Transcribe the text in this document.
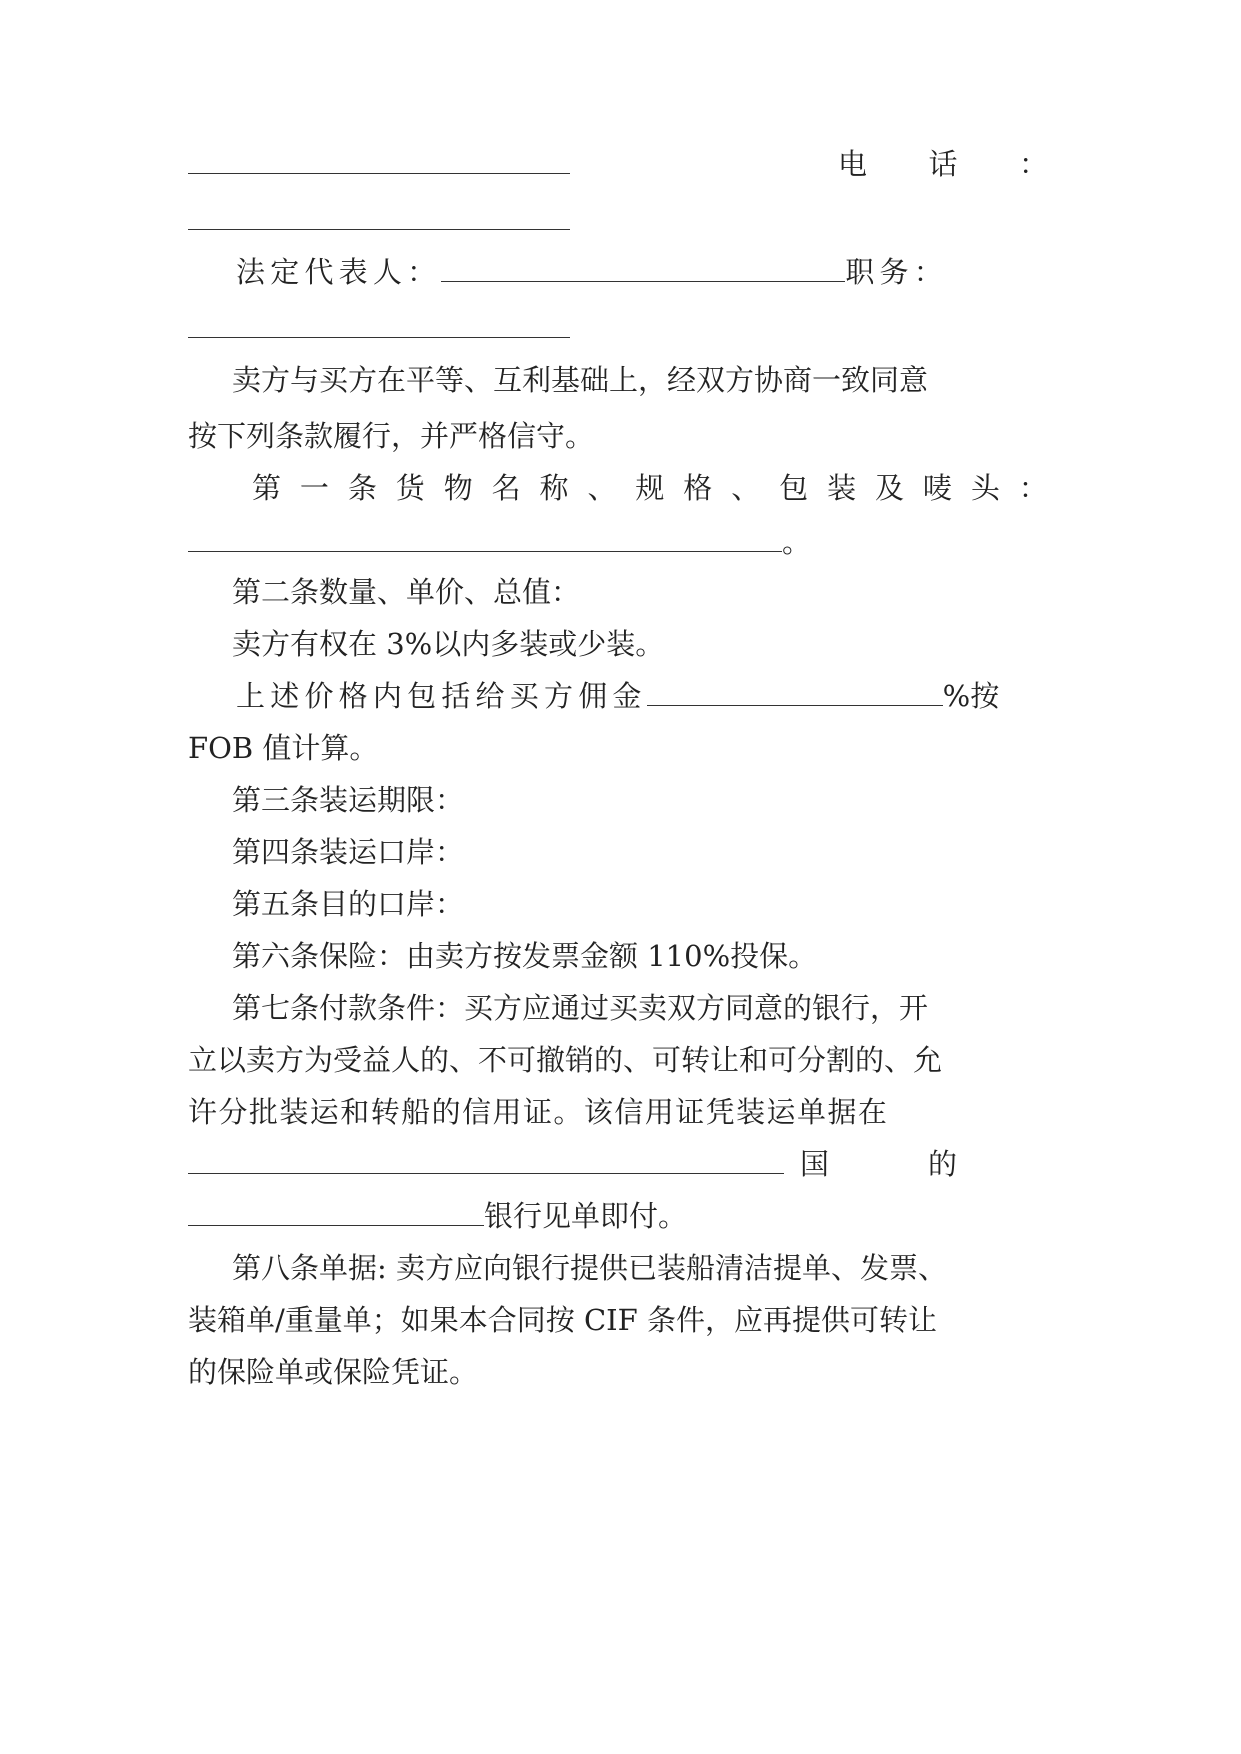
电 话 ：
法定代表人：	职务：
卖方与买方在平等、互利基础上，经双方协商一致同意
按下列条款履行，并严格信守。
第 一 条 货 物 名 称 、 规 格 、 包 装 及 唛 头 ：
。
第二条数量、单价、总值：
卖方有权在 3%以内多装或少装。
上述价格内包括给买方佣金	%按
FOB 值计算。
第三条装运期限：
第四条装运口岸：
第五条目的口岸：
第六条保险：由卖方按发票金额 110%投保。
第七条付款条件：买方应通过买卖双方同意的银行，开
立以卖方为受益人的、不可撤销的、可转让和可分割的、允
许分批装运和转船的信用证。该信用证凭装运单据在
国	的
银行见单即付。
第八条单据: 卖方应向银行提供已装船清洁提单、发票、
装箱单/重量单；如果本合同按 CIF 条件，应再提供可转让
的保险单或保险凭证。
